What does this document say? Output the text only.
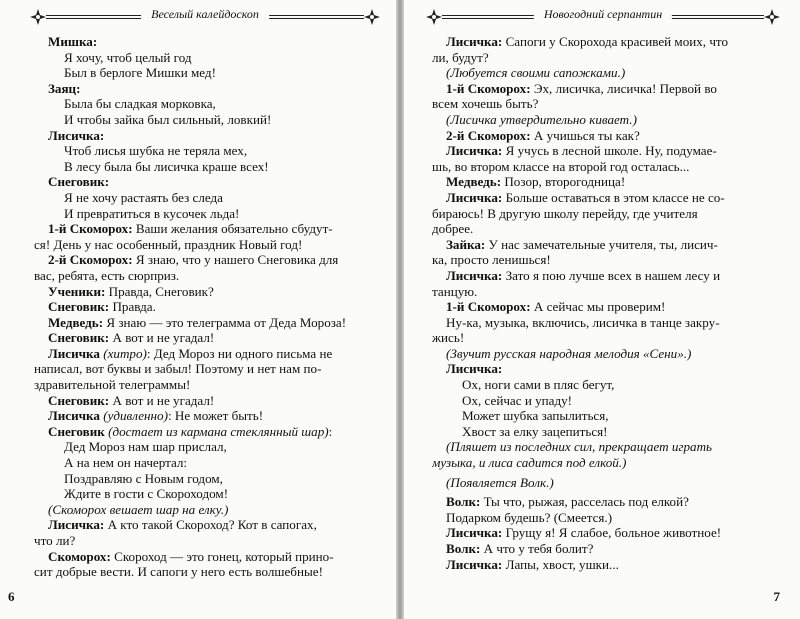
Веселый калейдоскоп
Мишка:
Я хочу, чтоб целый год
Был в берлоге Мишки мед!
Заяц:
Была бы сладкая морковка,
И чтобы зайка был сильный, ловкий!
Лисичка:
Чтоб лисья шубка не теряла мех,
В лесу была бы лисичка краше всех!
Снеговик:
Я не хочу растаять без следа
И превратиться в кусочек льда!
1-й Скоморох: Ваши желания обязательно сбудут-
ся! День у нас особенный, праздник Новый год!
2-й Скоморох: Я знаю, что у нашего Снеговика для
вас, ребята, есть сюрприз.
Ученики: Правда, Снеговик?
Снеговик: Правда.
Медведь: Я знаю — это телеграмма от Деда Мороза!
Снеговик: А вот и не угадал!
Лисичка (хитро): Дед Мороз ни одного письма не
написал, вот буквы и забыл! Поэтому и нет нам по-
здравительной телеграммы!
Снеговик: А вот и не угадал!
Лисичка (удивленно): Не может быть!
Снеговик (достает из кармана стеклянный шар):
Дед Мороз нам шар прислал,
А на нем он начертал:
Поздравляю с Новым годом,
Ждите в гости с Скороходом!
(Скоморох вешает шар на елку.)
Лисичка: А кто такой Скороход? Кот в сапогах,
что ли?
Скоморох: Скороход — это гонец, который прино-
сит добрые вести. И сапоги у него есть волшебные!
6
Новогодний серпантин
Лисичка: Сапоги у Скорохода красивей моих, что
ли, будут?
(Любуется своими сапожками.)
1-й Скоморох: Эх, лисичка, лисичка! Первой во
всем хочешь быть?
(Лисичка утвердительно кивает.)
2-й Скоморох: А учишься ты как?
Лисичка: Я учусь в лесной школе. Ну, подумае-
шь, во втором классе на второй год осталась...
Медведь: Позор, второгодница!
Лисичка: Больше оставаться в этом классе не со-
бираюсь! В другую школу перейду, где учителя
добрее.
Зайка: У нас замечательные учителя, ты, лисич-
ка, просто ленишься!
Лисичка: Зато я пою лучше всех в нашем лесу и
танцую.
1-й Скоморох: А сейчас мы проверим!
Ну-ка, музыка, включись, лисичка в танце закру-
жись!
(Звучит русская народная мелодия «Сени».)
Лисичка:
Ох, ноги сами в пляс бегут,
Ох, сейчас и упаду!
Может шубка запылиться,
Хвост за елку зацепиться!
(Пляшет из последних сил, прекращает играть
музыка, и лиса садится под елкой.)
(Появляется Волк.)
Волк: Ты что, рыжая, расселась под елкой?
Подарком будешь? (Смеется.)
Лисичка: Грущу я! Я слабое, больное животное!
Волк: А что у тебя болит?
Лисичка: Лапы, хвост, ушки...
7
